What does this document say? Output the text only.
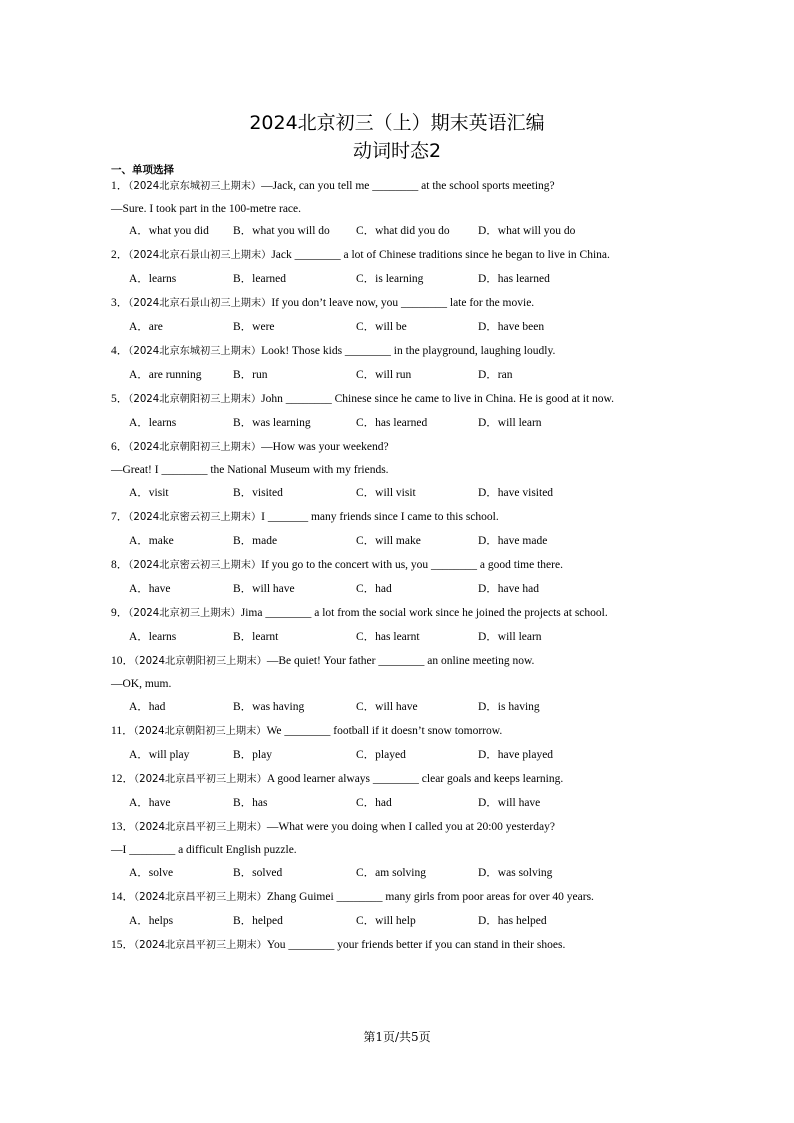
2024北京初三（上）期末英语汇编
动词时态2
一、单项选择
1．（2024北京东城初三上期末）—Jack, can you tell me ________ at the school sports meeting?
—Sure. I took part in the 100-metre race.
A．what you did B．what you will do C．what did you do D．what will you do
2．（2024北京石景山初三上期末）Jack ________ a lot of Chinese traditions since he began to live in China.
A．learns	B．learned	C．is learning	D．has learned
3．（2024北京石景山初三上期末）If you don’t leave now, you ________ late for the movie.
A．are	B．were	C．will be	D．have been
4．（2024北京东城初三上期末）Look! Those kids ________ in the playground, laughing loudly.
A．are running	B．run	C．will run	D．ran
5．（2024北京朝阳初三上期末）John ________ Chinese since he came to live in China. He is good at it now.
A．learns	B．was learning	C．has learned	D．will learn
6．（2024北京朝阳初三上期末）—How was your weekend?
—Great! I ________ the National Museum with my friends.
A．visit	B．visited	C．will visit	D．have visited
7．（2024北京密云初三上期末）I _______ many friends since I came to this school.
A．make	B．made	C．will make	D．have made
8．（2024北京密云初三上期末）If you go to the concert with us, you ________ a good time there.
A．have	B．will have	C．had	D．have had
9．（2024北京初三上期末）Jima ________ a lot from the social work since he joined the projects at school.
A．learns	B．learnt	C．has learnt	D．will learn
10．（2024北京朝阳初三上期末）—Be quiet! Your father ________ an online meeting now.
—OK, mum.
A．had	B．was having	C．will have	D．is having
11．（2024北京朝阳初三上期末）We ________ football if it doesn’t snow tomorrow.
A．will play	B．play	C．played	D．have played
12．（2024北京昌平初三上期末）A good learner always ________ clear goals and keeps learning.
A．have	B．has	C．had	D．will have
13．（2024北京昌平初三上期末）—What were you doing when I called you at 20:00 yesterday?
—I ________ a difficult English puzzle.
A．solve	B．solved	C．am solving	D．was solving
14．（2024北京昌平初三上期末）Zhang Guimei ________ many girls from poor areas for over 40 years.
A．helps	B．helped	C．will help	D．has helped
15．（2024北京昌平初三上期末）You ________ your friends better if you can stand in their shoes.
第1页/共5页
